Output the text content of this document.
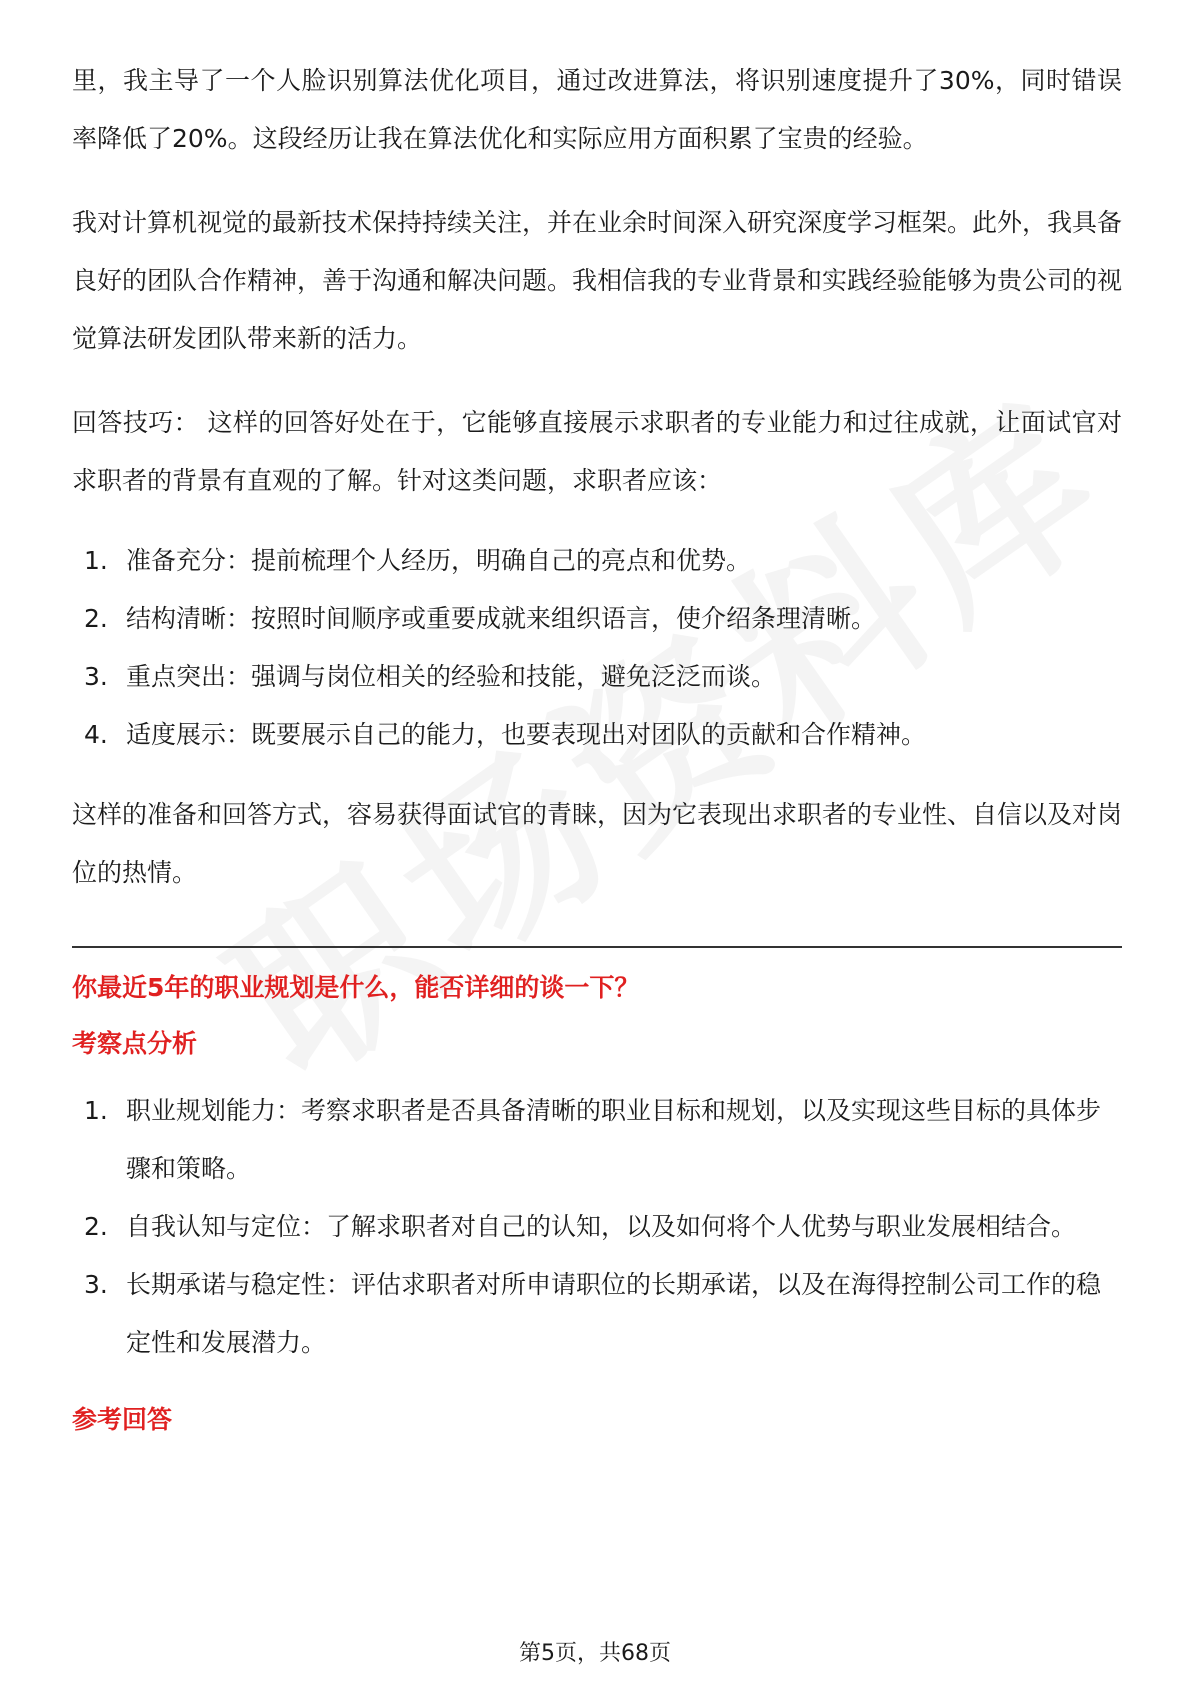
里，我主导了一个人脸识别算法优化项目，通过改进算法，将识别速度提升了30%，同时错误率降低了20%。这段经历让我在算法优化和实际应用方面积累了宝贵的经验。

我对计算机视觉的最新技术保持持续关注，并在业余时间深入研究深度学习框架。此外，我具备良好的团队合作精神，善于沟通和解决问题。我相信我的专业背景和实践经验能够为贵公司的视觉算法研发团队带来新的活力。

回答技巧： 这样的回答好处在于，它能够直接展示求职者的专业能力和过往成就，让面试官对求职者的背景有直观的了解。针对这类问题，求职者应该：

1. 准备充分：提前梳理个人经历，明确自己的亮点和优势。
2. 结构清晰：按照时间顺序或重要成就来组织语言，使介绍条理清晰。
3. 重点突出：强调与岗位相关的经验和技能，避免泛泛而谈。
4. 适度展示：既要展示自己的能力，也要表现出对团队的贡献和合作精神。

这样的准备和回答方式，容易获得面试官的青睐，因为它表现出求职者的专业性、自信以及对岗位的热情。

你最近5年的职业规划是什么，能否详细的谈一下？

考察点分析

1. 职业规划能力：考察求职者是否具备清晰的职业目标和规划，以及实现这些目标的具体步骤和策略。
2. 自我认知与定位：了解求职者对自己的认知，以及如何将个人优势与职业发展相结合。
3. 长期承诺与稳定性：评估求职者对所申请职位的长期承诺，以及在海得控制公司工作的稳定性和发展潜力。

参考回答

第5页，共68页
